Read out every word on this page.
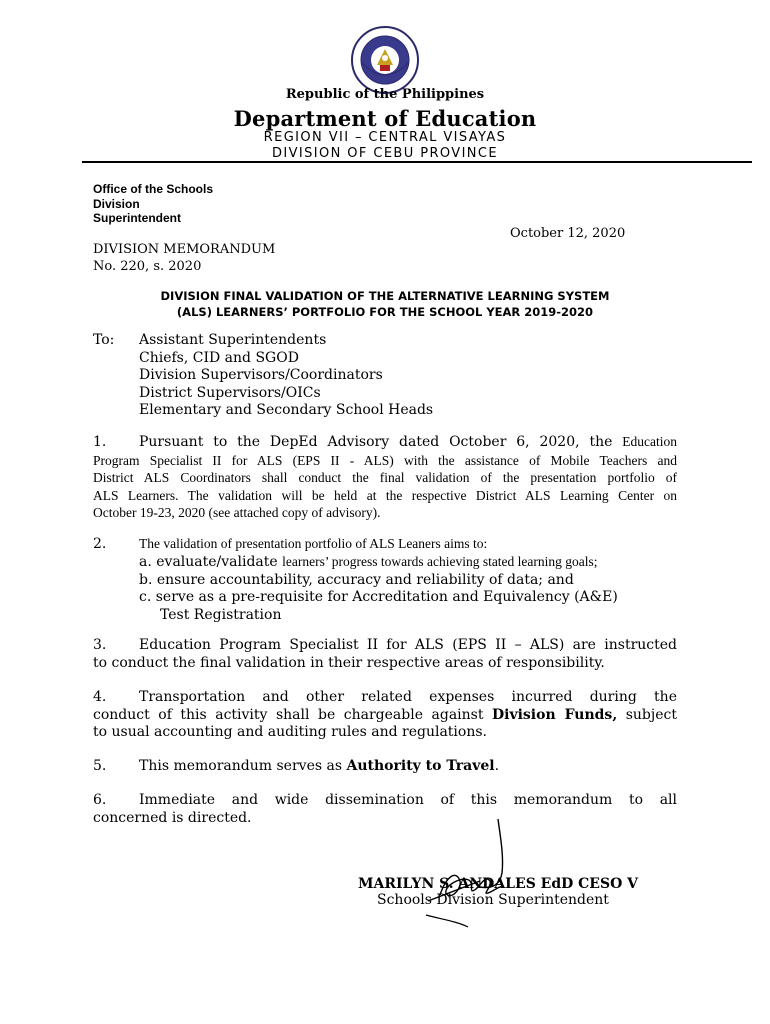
Republic of the Philippines
Department of Education
REGION VII – CENTRAL VISAYAS
DIVISION OF CEBU PROVINCE
Office of the Schools
Division
Superintendent
October 12, 2020
DIVISION MEMORANDUM
No. 220, s. 2020
DIVISION FINAL VALIDATION OF THE ALTERNATIVE LEARNING SYSTEM
(ALS) LEARNERS’ PORTFOLIO FOR THE SCHOOL YEAR 2019-2020
To: Assistant Superintendents
Chiefs, CID and SGOD
Division Supervisors/Coordinators
District Supervisors/OICs
Elementary and Secondary School Heads
1. Pursuant to the DepEd Advisory dated October 6, 2020, the Education
Program Specialist II for ALS (EPS II - ALS) with the assistance of Mobile Teachers and
District ALS Coordinators shall conduct the final validation of the presentation portfolio of
ALS Learners. The validation will be held at the respective District ALS Learning Center on
October 19-23, 2020 (see attached copy of advisory).
2. The validation of presentation portfolio of ALS Leaners aims to:
a. evaluate/validate learners’ progress towards achieving stated learning goals;
b. ensure accountability, accuracy and reliability of data; and
c. serve as a pre-requisite for Accreditation and Equivalency (A&E)
Test Registration
3. Education Program Specialist II for ALS (EPS II – ALS) are instructed
to conduct the final validation in their respective areas of responsibility.
4. Transportation and other related expenses incurred during the
conduct of this activity shall be chargeable against Division Funds, subject
to usual accounting and auditing rules and regulations.
5. This memorandum serves as Authority to Travel.
6. Immediate and wide dissemination of this memorandum to all
concerned is directed.
MARILYN S. ANDALES EdD CESO V
Schools Division Superintendent
